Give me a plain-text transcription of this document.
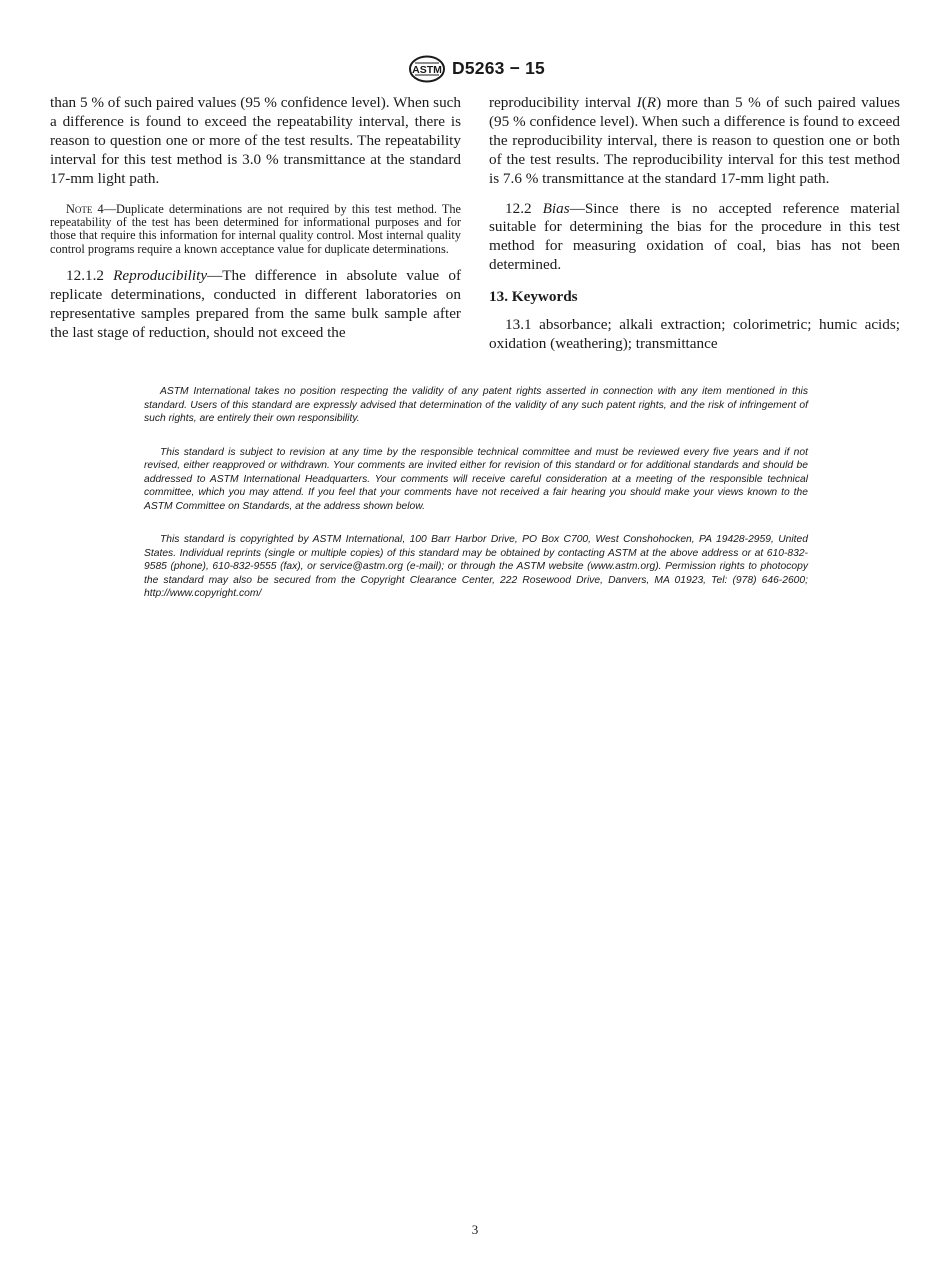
ASTM D5263 − 15

than 5 % of such paired values (95 % confidence level). When such a difference is found to exceed the repeatability interval, there is reason to question one or more of the test results. The repeatability interval for this test method is 3.0 % transmittance at the standard 17-mm light path.

Note 4—Duplicate determinations are not required by this test method. The repeatability of the test has been determined for informational purposes and for those that require this information for internal quality control. Most internal quality control programs require a known acceptance value for duplicate determinations.

12.1.2 Reproducibility—The difference in absolute value of replicate determinations, conducted in different laboratories on representative samples prepared from the same bulk sample after the last stage of reduction, should not exceed the

reproducibility interval I(R) more than 5 % of such paired values (95 % confidence level). When such a difference is found to exceed the reproducibility interval, there is reason to question one or both of the test results. The reproducibility interval for this test method is 7.6 % transmittance at the standard 17-mm light path.

12.2 Bias—Since there is no accepted reference material suitable for determining the bias for the procedure in this test method for measuring oxidation of coal, bias has not been determined.

13. Keywords

13.1 absorbance; alkali extraction; colorimetric; humic acids; oxidation (weathering); transmittance

ASTM International takes no position respecting the validity of any patent rights asserted in connection with any item mentioned in this standard. Users of this standard are expressly advised that determination of the validity of any such patent rights, and the risk of infringement of such rights, are entirely their own responsibility.

This standard is subject to revision at any time by the responsible technical committee and must be reviewed every five years and if not revised, either reapproved or withdrawn. Your comments are invited either for revision of this standard or for additional standards and should be addressed to ASTM International Headquarters. Your comments will receive careful consideration at a meeting of the responsible technical committee, which you may attend. If you feel that your comments have not received a fair hearing you should make your views known to the ASTM Committee on Standards, at the address shown below.

This standard is copyrighted by ASTM International, 100 Barr Harbor Drive, PO Box C700, West Conshohocken, PA 19428-2959, United States. Individual reprints (single or multiple copies) of this standard may be obtained by contacting ASTM at the above address or at 610-832-9585 (phone), 610-832-9555 (fax), or service@astm.org (e-mail); or through the ASTM website (www.astm.org). Permission rights to photocopy the standard may also be secured from the Copyright Clearance Center, 222 Rosewood Drive, Danvers, MA 01923, Tel: (978) 646-2600; http://www.copyright.com/

3
